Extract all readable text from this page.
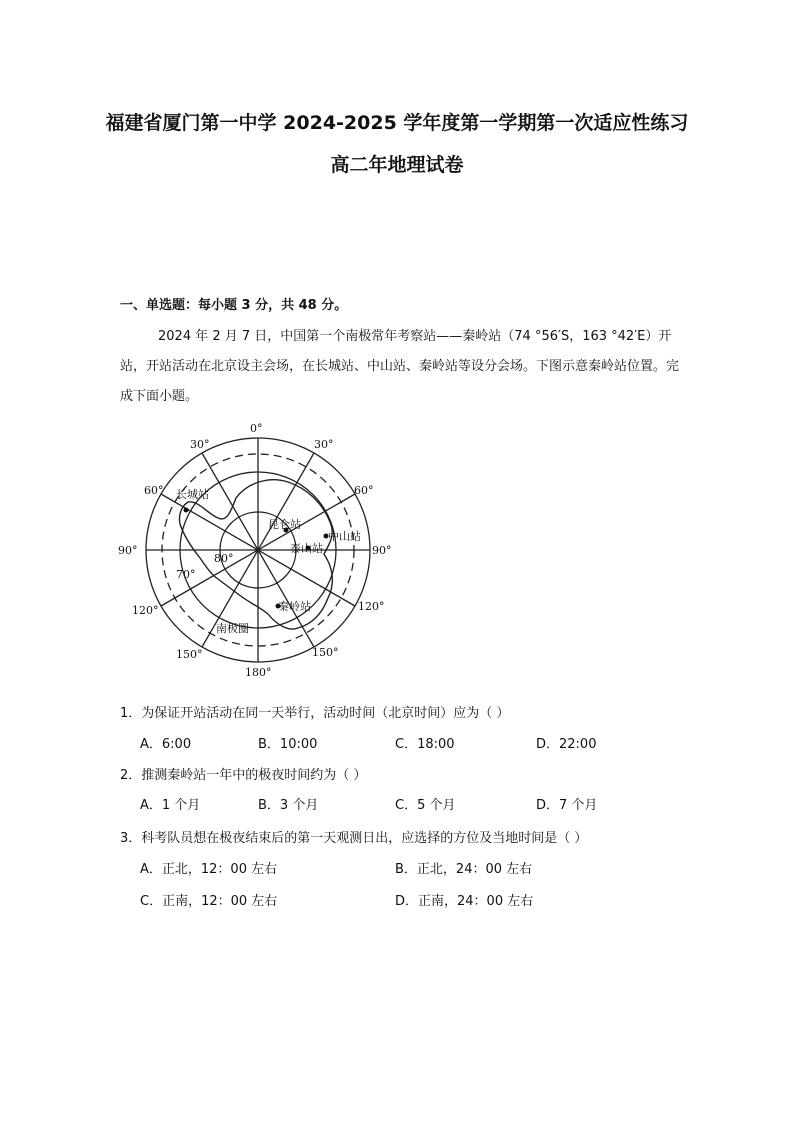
福建省厦门第一中学 2024-2025 学年度第一学期第一次适应性练习
高二年地理试卷
一、单选题：每小题 3 分，共 48 分。
2024 年 2 月 7 日，中国第一个南极常年考察站——秦岭站（74 °56′S，163 °42′E）开站，开站活动在北京设主会场，在长城站、中山站、秦岭站等设分会场。下图示意秦岭站位置。完成下面小题。
0°
180°
90°	90°
30°	30°
60°	60°
120°	120°
150°	150°
80°
70°
长城站
昆仑站
中山站
泰山站
秦岭站
南极圈
1．为保证开站活动在同一天举行，活动时间（北京时间）应为（ ）
A．6:00	B．10:00	C．18:00	D．22:00
2．推测秦岭站一年中的极夜时间约为（ ）
A．1 个月	B．3 个月	C．5 个月	D．7 个月
3．科考队员想在极夜结束后的第一天观测日出，应选择的方位及当地时间是（ ）
A．正北，12：00 左右	B．正北，24：00 左右
C．正南，12：00 左右	D．正南，24：00 左右
